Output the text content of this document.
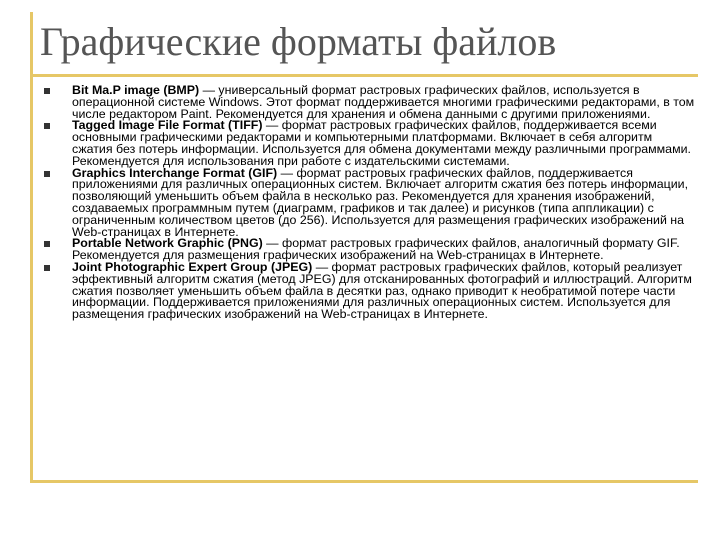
Графические форматы файлов
Bit Ma.P image (BMP) — универсальный формат растровых графических файлов, используется в операционной системе Windows. Этот формат поддерживается многими графическими редакторами, в том числе редактором Paint. Рекомендуется для хранения и обмена данными с другими приложениями.
Tagged Image File Format (TIFF) — формат растровых графических файлов, поддерживается всеми основными графическими редакторами и компьютерными платформами. Включает в себя алгоритм сжатия без потерь информации. Используется для обмена документами между различными программами. Рекомендуется для использования при работе с издательскими системами.
Graphics Interchange Format (GIF) — формат растровых графических файлов, поддерживается приложениями для различных операционных систем. Включает алгоритм сжатия без потерь информации, позволяющий уменьшить объем файла в несколько раз. Рекомендуется для хранения изображений, создаваемых программным путем (диаграмм, графиков и так далее) и рисунков (типа аппликации) с ограниченным количеством цветов (до 256). Используется для размещения графических изображений на Web-страницах в Интернете.
Portable Network Graphic (PNG) — формат растровых графических файлов, аналогичный формату GIF. Рекомендуется для размещения графических изображений на Web-страницах в Интернете.
Joint Photographic Expert Group (JPEG) — формат растровых графических файлов, который реализует эффективный алгоритм сжатия (метод JPEG) для отсканированных фотографий и иллюстраций. Алгоритм сжатия позволяет уменьшить объем файла в десятки раз, однако приводит к необратимой потере части информации. Поддерживается приложениями для различных операционных систем. Используется для размещения графических изображений на Web-страницах в Интернете.
